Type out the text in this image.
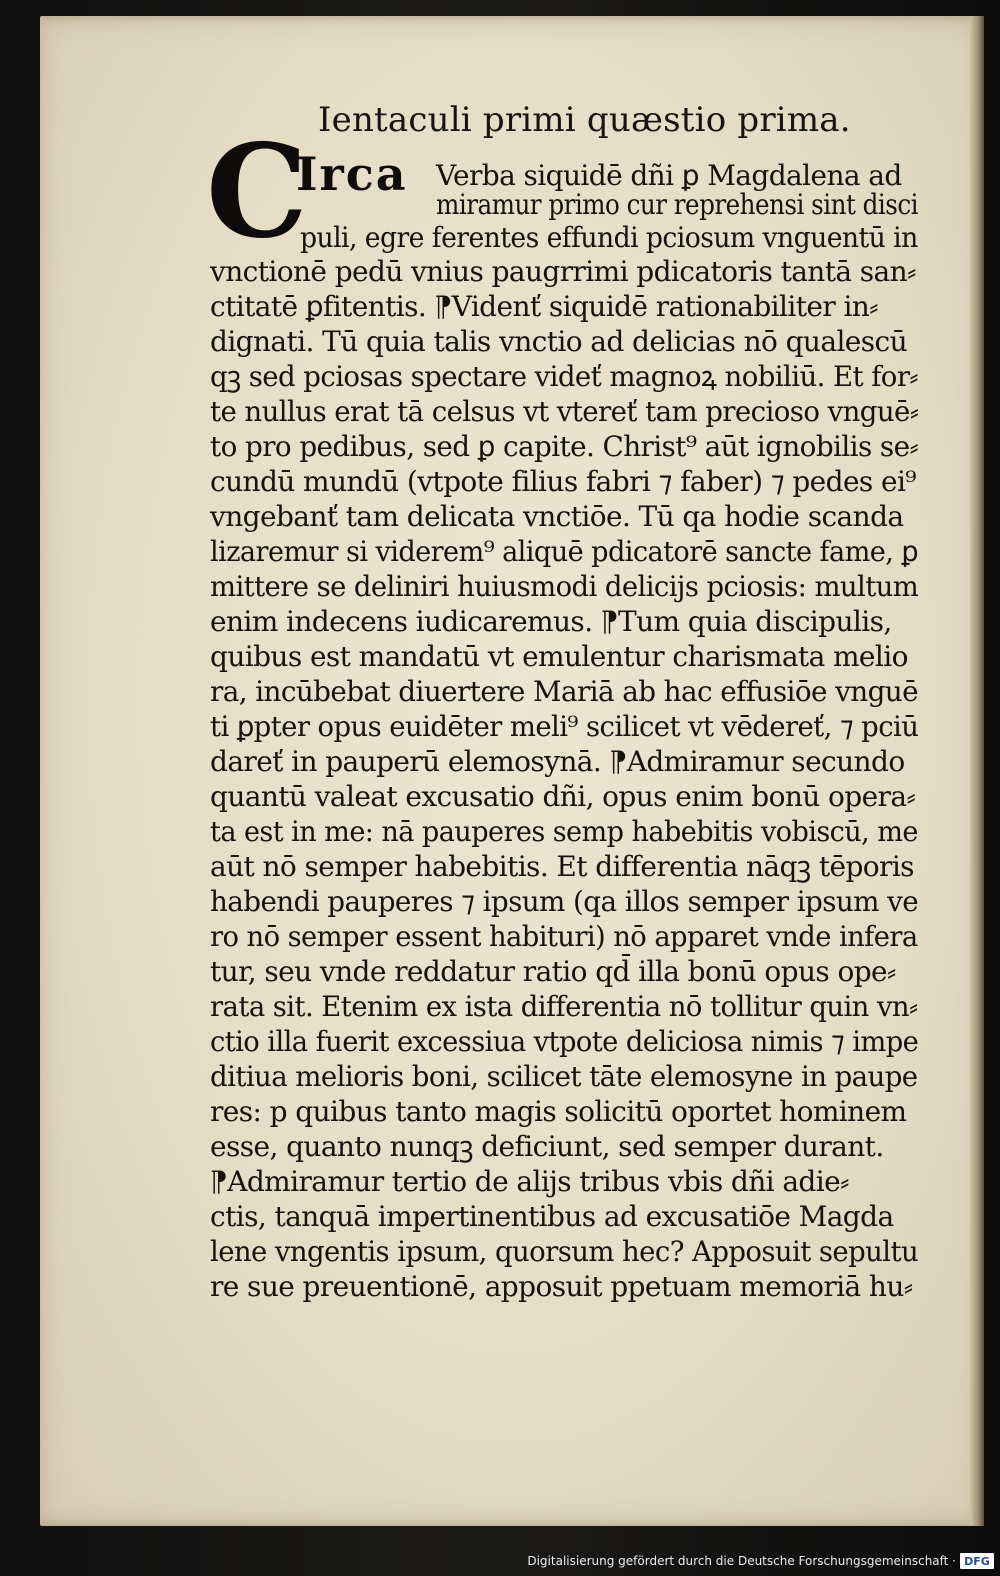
Ientaculi primi quæstio prima.
C
Irca	Verba siquidē dñi ꝑ Magdalena ad
miramur primo cur reprehensi sint disci
puli, egre ferentes effundi pciosum vnguentū in
vnctionē pedū vnius paugrrimi pdicatoris tantā san⸗
ctitatē ꝑfitentis. ⁋Videnť siquidē rationabiliter in⸗
dignati. Tū quia talis vnctio ad delicias nō qualescū
qꝫ sed pciosas spectare videť magnoꝝ nobiliū. Et for⸗
te nullus erat tā celsus vt vtereť tam precioso vnguē⸗
to pro pedibus, sed ꝑ capite. Christ⁹ aūt ignobilis se⸗
cundū mundū (vtpote filius fabri ⁊ faber) ⁊ pedes ei⁹
vngebanť tam delicata vnctiōe. Tū qa hodie scanda
lizaremur si viderem⁹ aliquē pdicatorē sancte fame, ꝑ
mittere se deliniri huiusmodi delicijs pciosis: multum
enim indecens iudicaremus. ⁋Tum quia discipulis,
quibus est mandatū vt emulentur charismata melio
ra, incūbebat diuertere Mariā ab hac effusiōe vnguē
ti ꝑpter opus euidēter meli⁹ scilicet vt vēdereť, ⁊ pciū
dareť in pauperū elemosynā. ⁋Admiramur secundo
quantū valeat excusatio dñi, opus enim bonū opera⸗
ta est in me: nā pauperes semp habebitis vobiscū, me
aūt nō semper habebitis. Et differentia nāqꝫ tēporis
habendi pauperes ⁊ ipsum (qa illos semper ipsum ve
ro nō semper essent habituri) nō apparet vnde infera
tur, seu vnde reddatur ratio qd̄ illa bonū opus ope⸗
rata sit. Etenim ex ista differentia nō tollitur quin vn⸗
ctio illa fuerit excessiua vtpote deliciosa nimis ⁊ impe
ditiua melioris boni, scilicet tāte elemosyne in paupe
res: p quibus tanto magis solicitū oportet hominem
esse, quanto nunqꝫ deficiunt, sed semper durant.
⁋Admiramur tertio de alijs tribus vbis dñi adie⸗
ctis, tanquā impertinentibus ad excusatiōe Magda
lene vngentis ipsum, quorsum hec? Apposuit sepultu
re sue preuentionē, apposuit ppetuam memoriā hu⸗
Digitalisierung gefördert durch die Deutsche Forschungsgemeinschaft · DFG
